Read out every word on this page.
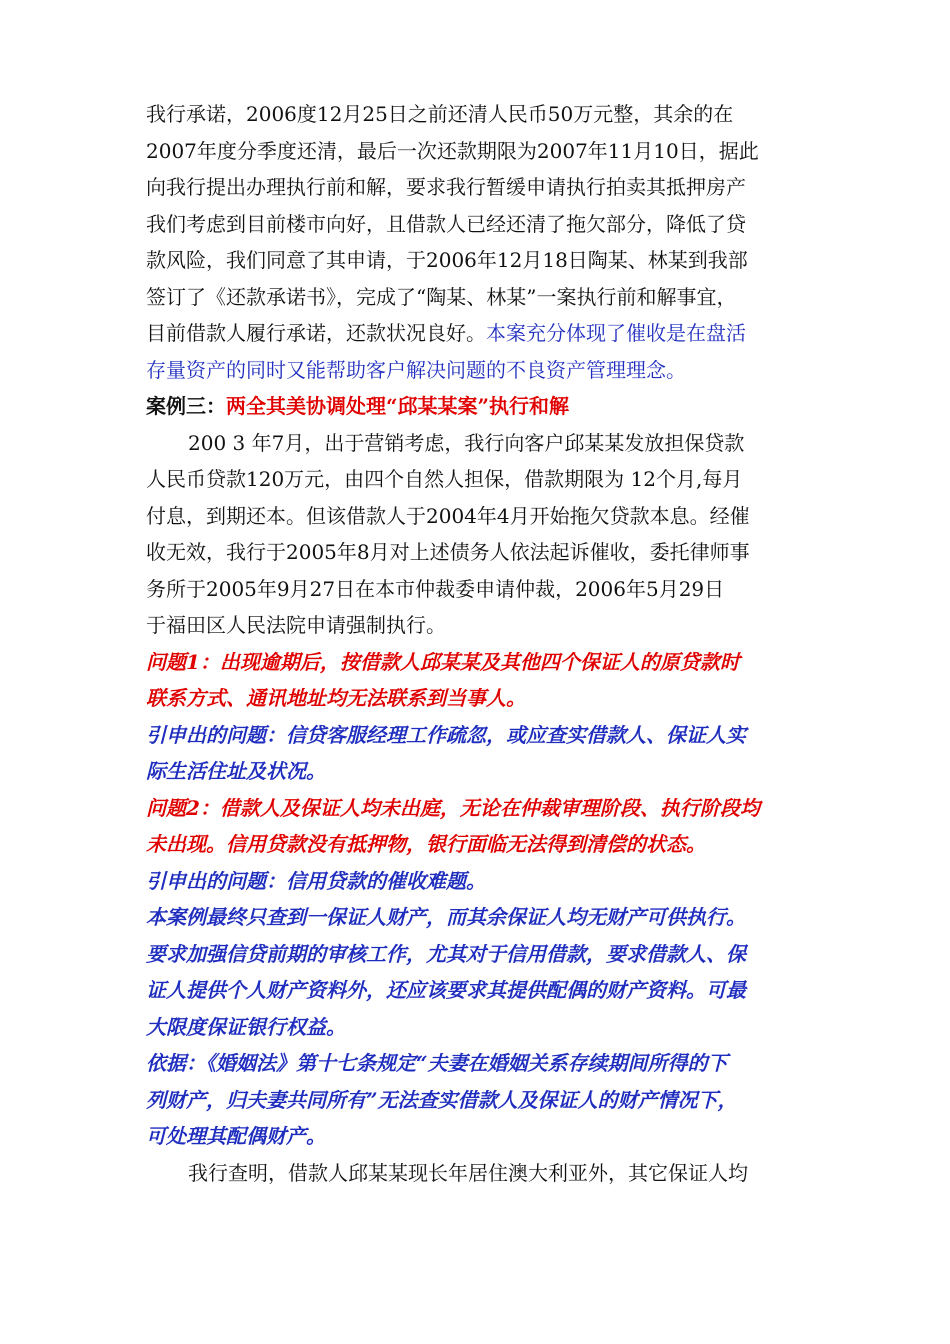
我行承诺，2006度12月25日之前还清人民币50万元整，其余的在
2007年度分季度还清，最后一次还款期限为2007年11月10日，据此
向我行提出办理执行前和解，要求我行暂缓申请执行拍卖其抵押房产
我们考虑到目前楼市向好，且借款人已经还清了拖欠部分，降低了贷
款风险，我们同意了其申请，于2006年12月18日陶某、林某到我部
签订了《还款承诺书》，完成了“陶某、林某”一案执行前和解事宜，
目前借款人履行承诺，还款状况良好。本案充分体现了催收是在盘活
存量资产的同时又能帮助客户解决问题的不良资产管理理念。
案例三：两全其美协调处理“邱某某案”执行和解
200 3 年7月，出于营销考虑，我行向客户邱某某发放担保贷款
人民币贷款120万元，由四个自然人担保，借款期限为 12个月,每月
付息，到期还本。但该借款人于2004年4月开始拖欠贷款本息。经催
收无效，我行于2005年8月对上述债务人依法起诉催收，委托律师事
务所于2005年9月27日在本市仲裁委申请仲裁，2006年5月29日
于福田区人民法院申请强制执行。
问题1：出现逾期后，按借款人邱某某及其他四个保证人的原贷款时
联系方式、通讯地址均无法联系到当事人。
引申出的问题：信贷客服经理工作疏忽，或应查实借款人、保证人实
际生活住址及状况。
问题2：借款人及保证人均未出庭，无论在仲裁审理阶段、执行阶段均
未出现。信用贷款没有抵押物，银行面临无法得到清偿的状态。
引申出的问题：信用贷款的催收难题。
本案例最终只查到一保证人财产，而其余保证人均无财产可供执行。
要求加强信贷前期的审核工作，尤其对于信用借款，要求借款人、保
证人提供个人财产资料外，还应该要求其提供配偶的财产资料。可最
大限度保证银行权益。
依据：《婚姻法》第十七条规定“夫妻在婚姻关系存续期间所得的下
列财产，归夫妻共同所有”无法查实借款人及保证人的财产情况下，
可处理其配偶财产。
我行查明，借款人邱某某现长年居住澳大利亚外，其它保证人均
